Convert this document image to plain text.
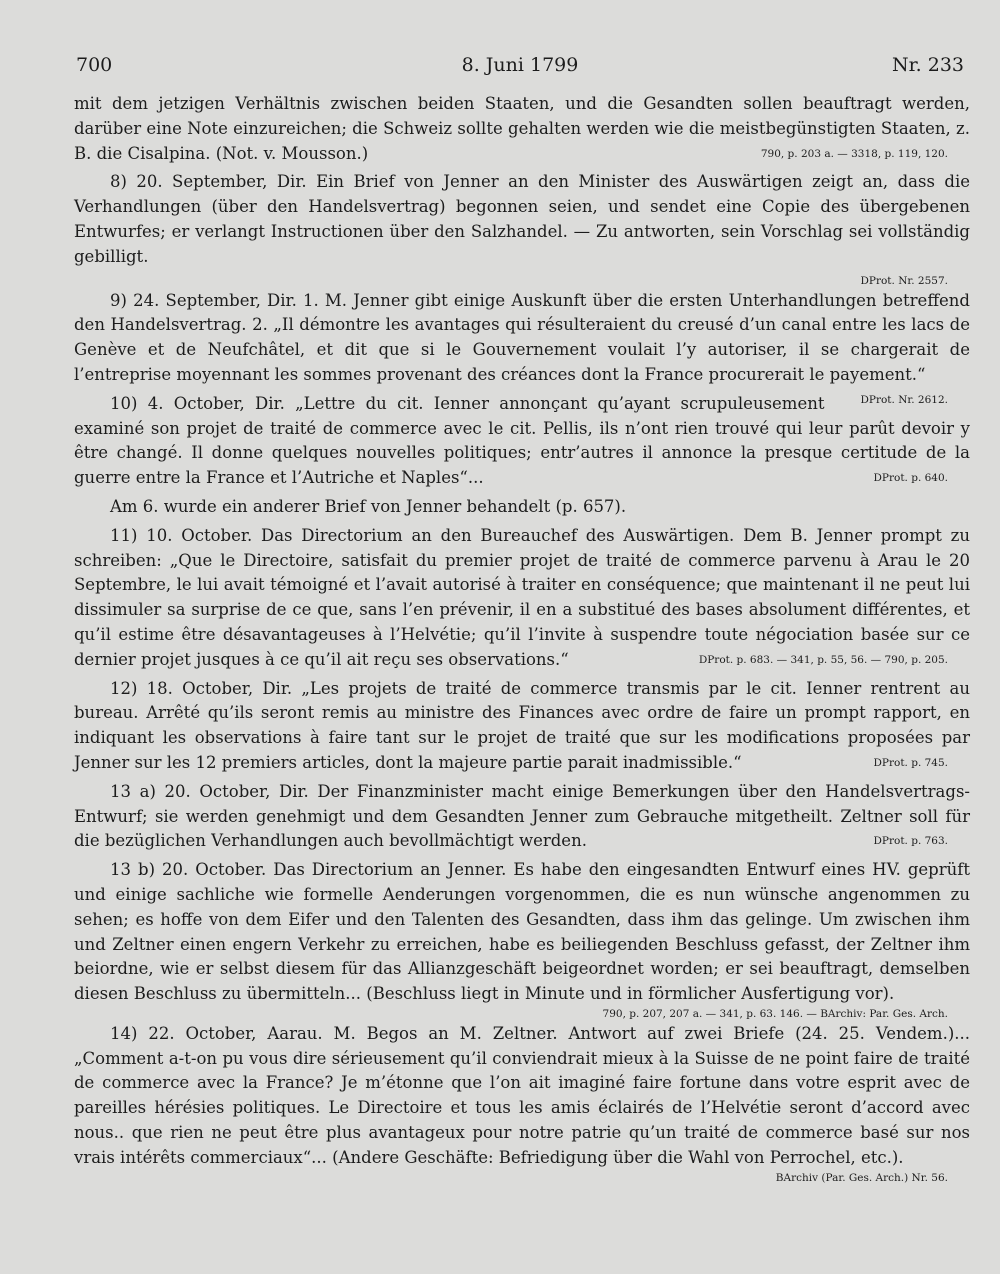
700	8. Juni 1799	Nr. 233

mit dem jetzigen Verhältnis zwischen beiden Staaten, und die Gesandten sollen beauftragt werden, darüber eine Note einzureichen; die Schweiz sollte gehalten werden wie die meistbegünstigten Staaten, z. B. die Cisalpina. (Not. v. Mousson.)	790, p. 203 a. — 3318, p. 119, 120.

8) 20. September, Dir. Ein Brief von Jenner an den Minister des Auswärtigen zeigt an, dass die Verhandlungen (über den Handelsvertrag) begonnen seien, und sendet eine Copie des übergebenen Entwurfes; er verlangt Instructionen über den Salzhandel. — Zu antworten, sein Vorschlag sei vollständig gebilligt.

DProt. Nr. 2557.

9) 24. September, Dir. 1. M. Jenner gibt einige Auskunft über die ersten Unterhandlungen betreffend den Handelsvertrag. 2. „Il démontre les avantages qui résulteraient du creusé d’un canal entre les lacs de Genève et de Neufchâtel, et dit que si le Gouvernement voulait l’y autoriser, il se chargerait de l’entreprise moyennant les sommes provenant des créances dont la France procurerait le payement.“
DProt. Nr. 2612.

10) 4. October, Dir. „Lettre du cit. Ienner annonçant qu’ayant scrupuleusement examiné son projet de traité de commerce avec le cit. Pellis, ils n’ont rien trouvé qui leur parût devoir y être changé. Il donne quelques nouvelles politiques; entr’autres il annonce la presque certitude de la guerre entre la France et l’Autriche et Naples“...	DProt. p. 640.

Am 6. wurde ein anderer Brief von Jenner behandelt (p. 657).

11) 10. October. Das Directorium an den Bureauchef des Auswärtigen. Dem B. Jenner prompt zu schreiben: „Que le Directoire, satisfait du premier projet de traité de commerce parvenu à Arau le 20 Septembre, le lui avait témoigné et l’avait autorisé à traiter en conséquence; que maintenant il ne peut lui dissimuler sa surprise de ce que, sans l’en prévenir, il en a substitué des bases absolument différentes, et qu’il estime être désavantageuses à l’Helvétie; qu’il l’invite à suspendre toute négociation basée sur ce dernier projet jusques à ce qu’il ait reçu ses observations.“	DProt. p. 683. — 341, p. 55, 56. — 790, p. 205.

12) 18. October, Dir. „Les projets de traité de commerce transmis par le cit. Ienner rentrent au bureau. Arrêté qu’ils seront remis au ministre des Finances avec ordre de faire un prompt rapport, en indiquant les observations à faire tant sur le projet de traité que sur les modifications proposées par Jenner sur les 12 premiers articles, dont la majeure partie parait inadmissible.“	DProt. p. 745.

13 a) 20. October, Dir. Der Finanzminister macht einige Bemerkungen über den Handelsvertrags-Entwurf; sie werden genehmigt und dem Gesandten Jenner zum Gebrauche mitgetheilt. Zeltner soll für die bezüglichen Verhandlungen auch bevollmächtigt werden.	DProt. p. 763.

13 b) 20. October. Das Directorium an Jenner. Es habe den eingesandten Entwurf eines HV. geprüft und einige sachliche wie formelle Aenderungen vorgenommen, die es nun wünsche angenommen zu sehen; es hoffe von dem Eifer und den Talenten des Gesandten, dass ihm das gelinge. Um zwischen ihm und Zeltner einen engern Verkehr zu erreichen, habe es beiliegenden Beschluss gefasst, der Zeltner ihm beiordne, wie er selbst diesem für das Allianzgeschäft beigeordnet worden; er sei beauftragt, demselben diesen Beschluss zu übermitteln... (Beschluss liegt in Minute und in förmlicher Ausfertigung vor).

790, p. 207, 207 a. — 341, p. 63. 146. — BArchiv: Par. Ges. Arch.

14) 22. October, Aarau. M. Begos an M. Zeltner. Antwort auf zwei Briefe (24. 25. Vendem.)... „Comment a-t-on pu vous dire sérieusement qu’il conviendrait mieux à la Suisse de ne point faire de traité de commerce avec la France? Je m’étonne que l’on ait imaginé faire fortune dans votre esprit avec de pareilles hérésies politiques. Le Directoire et tous les amis éclairés de l’Helvétie seront d’accord avec nous.. que rien ne peut être plus avantageux pour notre patrie qu’un traité de commerce basé sur nos vrais intérêts commerciaux“... (Andere Geschäfte: Befriedigung über die Wahl von Perrochel, etc.).

BArchiv (Par. Ges. Arch.) Nr. 56.
